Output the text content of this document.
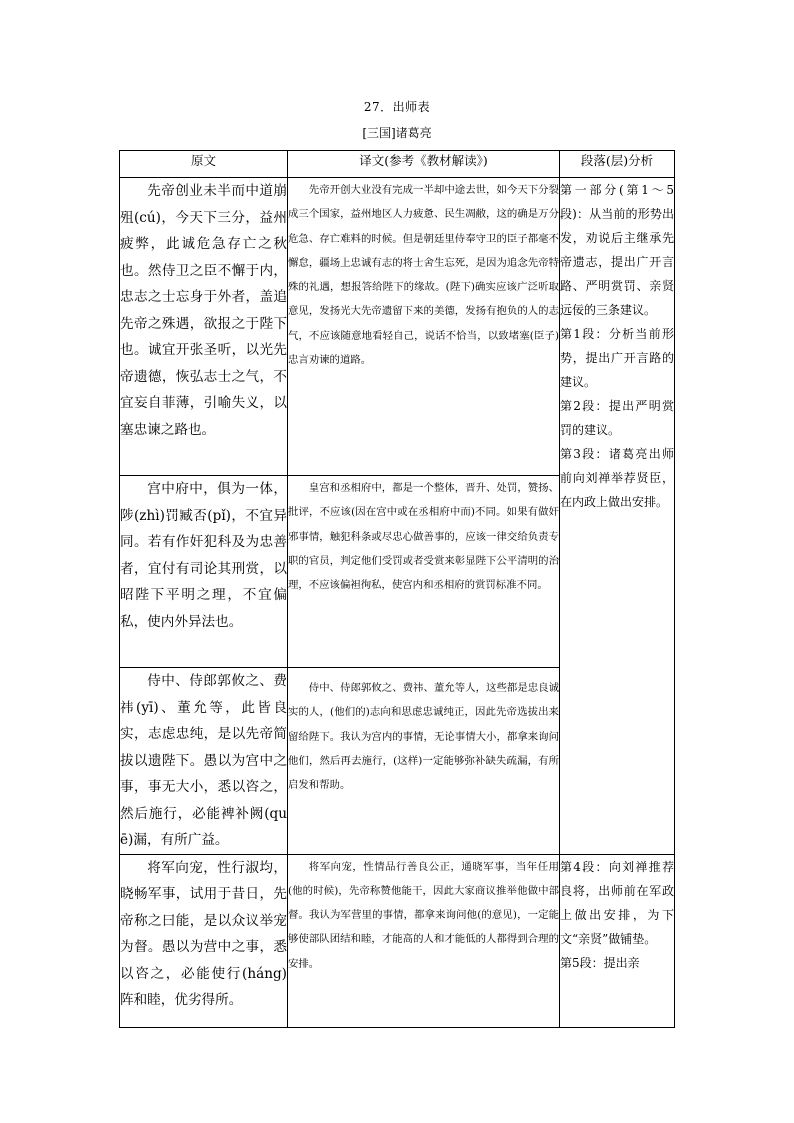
27．出师表
[三国]诸葛亮
原文	译文(参考《教材解读》)	段落(层)分析

先帝创业未半而中道崩殂(cú)，今天下三分，益州疲弊，此诚危急存亡之秋也。然侍卫之臣不懈于内，忠志之士忘身于外者，盖追先帝之殊遇，欲报之于陛下也。诚宜开张圣听，以光先帝遗德，恢弘志士之气，不宜妄自菲薄，引喻失义，以塞忠谏之路也。	先帝开创大业没有完成一半却中途去世，如今天下分裂成三个国家，益州地区人力疲惫、民生凋敝，这的确是万分危急、存亡难料的时候。但是朝廷里侍奉守卫的臣子都毫不懈怠，疆场上忠诚有志的将士舍生忘死，是因为追念先帝特殊的礼遇，想报答给陛下的缘故。(陛下)确实应该广泛听取意见，发扬光大先帝遗留下来的美德，发扬有抱负的人的志气，不应该随意地看轻自己，说话不恰当，以致堵塞(臣子)忠言劝谏的道路。	第一部分(第1～5段)：从当前的形势出发，劝说后主继承先帝遗志，提出广开言路、严明赏罚、亲贤远佞的三条建议。

第1段：分析当前形势，提出广开言路的建议。

第2段：提出严明赏罚的建议。

第3段：诸葛亮出师前向刘禅举荐贤臣，在内政上做出安排。

宫中府中，俱为一体，陟(zhì)罚臧否(pǐ)，不宜异同。若有作奸犯科及为忠善者，宜付有司论其刑赏，以昭陛下平明之理，不宜偏私，使内外异法也。	皇宫和丞相府中，都是一个整体，晋升、处罚，赞扬、批评，不应该(因在宫中或在丞相府中而)不同。如果有做奸邪事情，触犯科条或尽忠心做善事的，应该一律交给负责专职的官员，判定他们受罚或者受赏来彰显陛下公平清明的治理，不应该偏袒徇私，使宫内和丞相府的赏罚标准不同。	

侍中、侍郎郭攸之、费祎(yī)、董允等，此皆良实，志虑忠纯，是以先帝简拔以遗陛下。愚以为宫中之事，事无大小，悉以咨之，然后施行，必能裨补阙(quē)漏，有所广益。	侍中、侍郎郭攸之、费祎、董允等人，这些都是忠良诚实的人，(他们的)志向和思虑忠诚纯正，因此先帝选拔出来留给陛下。我认为宫内的事情，无论事情大小，都拿来询问他们，然后再去施行，(这样)一定能够弥补缺失疏漏，有所启发和帮助。	

将军向宠，性行淑均，晓畅军事，试用于昔日，先帝称之曰能，是以众议举宠为督。愚以为营中之事，悉以咨之，必能使行(háng)阵和睦，优劣得所。	将军向宠，性情品行善良公正，通晓军事，当年任用(他的时候)，先帝称赞他能干，因此大家商议推举他做中部督。我认为军营里的事情，都拿来询问他(的意见)，一定能够使部队团结和睦，才能高的人和才能低的人都得到合理的安排。	第4段：向刘禅推荐良将，出师前在军政上做出安排，为下文“亲贤”做铺垫。

第5段：提出亲
